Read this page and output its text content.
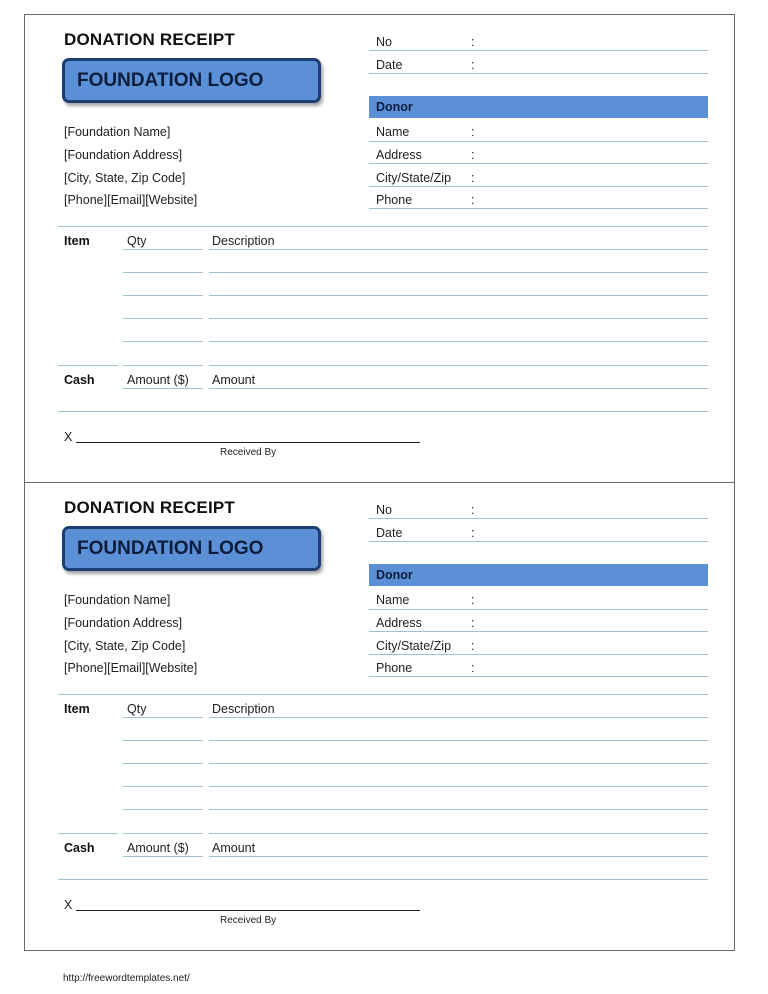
DONATION RECEIPT
FOUNDATION LOGO
[Foundation Name]
[Foundation Address]
[City, State, Zip Code]
[Phone][Email][Website]
No	:
Date	:
Donor
Name	:
Address	:
City/State/Zip :
Phone	:
Item	Qty	Description
Cash	Amount ($) Amount
X
Received By
DONATION RECEIPT
FOUNDATION LOGO
[Foundation Name]
[Foundation Address]
[City, State, Zip Code]
[Phone][Email][Website]
No	:
Date	:
Donor
Name	:
Address	:
City/State/Zip :
Phone	:
Item	Qty	Description
Cash	Amount ($) Amount
X
Received By
http://freewordtemplates.net/
